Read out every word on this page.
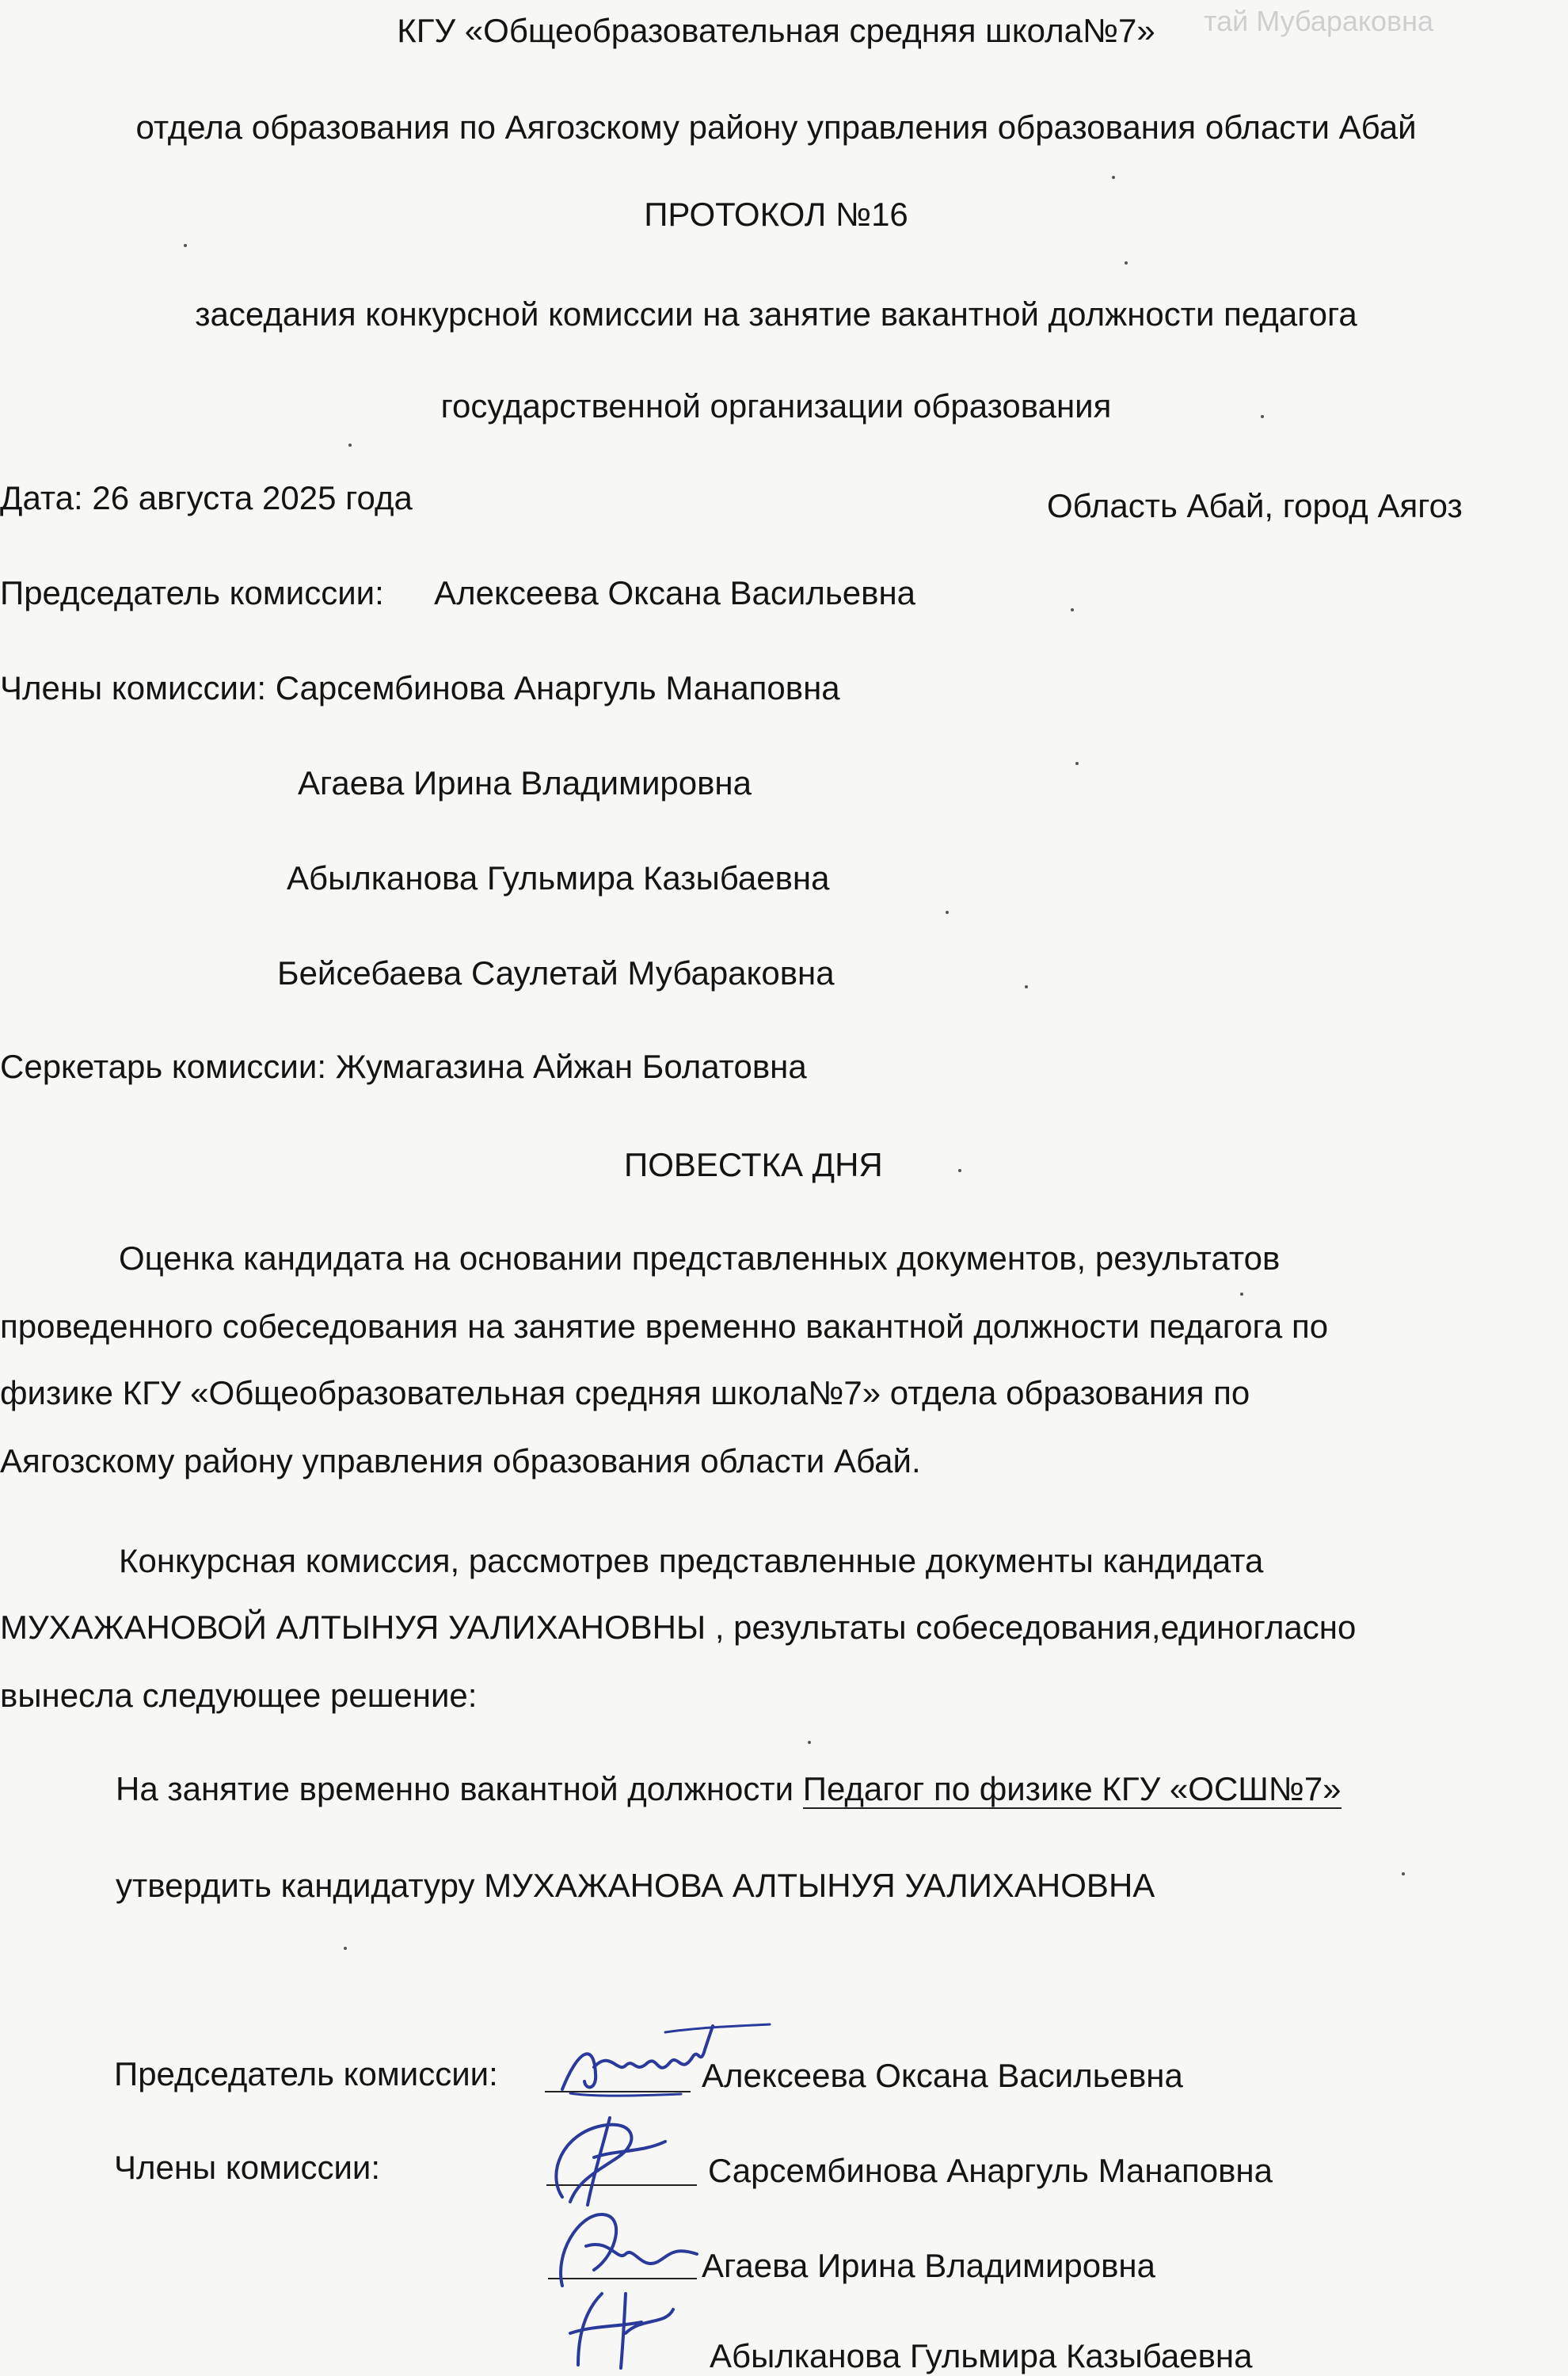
тай Мубараковна
КГУ «Общеобразовательная средняя школа№7»
отдела образования по Аягозскому району управления образования области Абай
ПРОТОКОЛ №16
заседания конкурсной комиссии на занятие вакантной должности педагога
государственной организации образования
Дата: 26 августа 2025 года	Область Абай, город Аягоз
Председатель комиссии: Алексеева Оксана Васильевна
Члены комиссии: Сарсембинова Анаргуль Манаповна
Агаева Ирина Владимировна
Абылканова Гульмира Казыбаевна
Бейсебаева Саулетай Мубараковна
Серкетарь комиссии: Жумагазина Айжан Болатовна
ПОВЕСТКА ДНЯ
Оценка кандидата на основании представленных документов, результатов
проведенного собеседования на занятие временно вакантной должности педагога по
физике КГУ «Общеобразовательная средняя школа№7» отдела образования по
Аягозскому району управления образования области Абай.
Конкурсная комиссия, рассмотрев представленные документы кандидата
МУХАЖАНОВОЙ АЛТЫНУЯ УАЛИХАНОВНЫ , результаты собеседования,единогласно
вынесла следующее решение:
На занятие временно вакантной должности Педагог по физике КГУ «ОСШ№7»
утвердить кандидатуру МУХАЖАНОВА АЛТЫНУЯ УАЛИХАНОВНА
Председатель комиссии:	Алексеева Оксана Васильевна
Члены комиссии:	Сарсембинова Анаргуль Манаповна
Агаева Ирина Владимировна
Абылканова Гульмира Казыбаевна
